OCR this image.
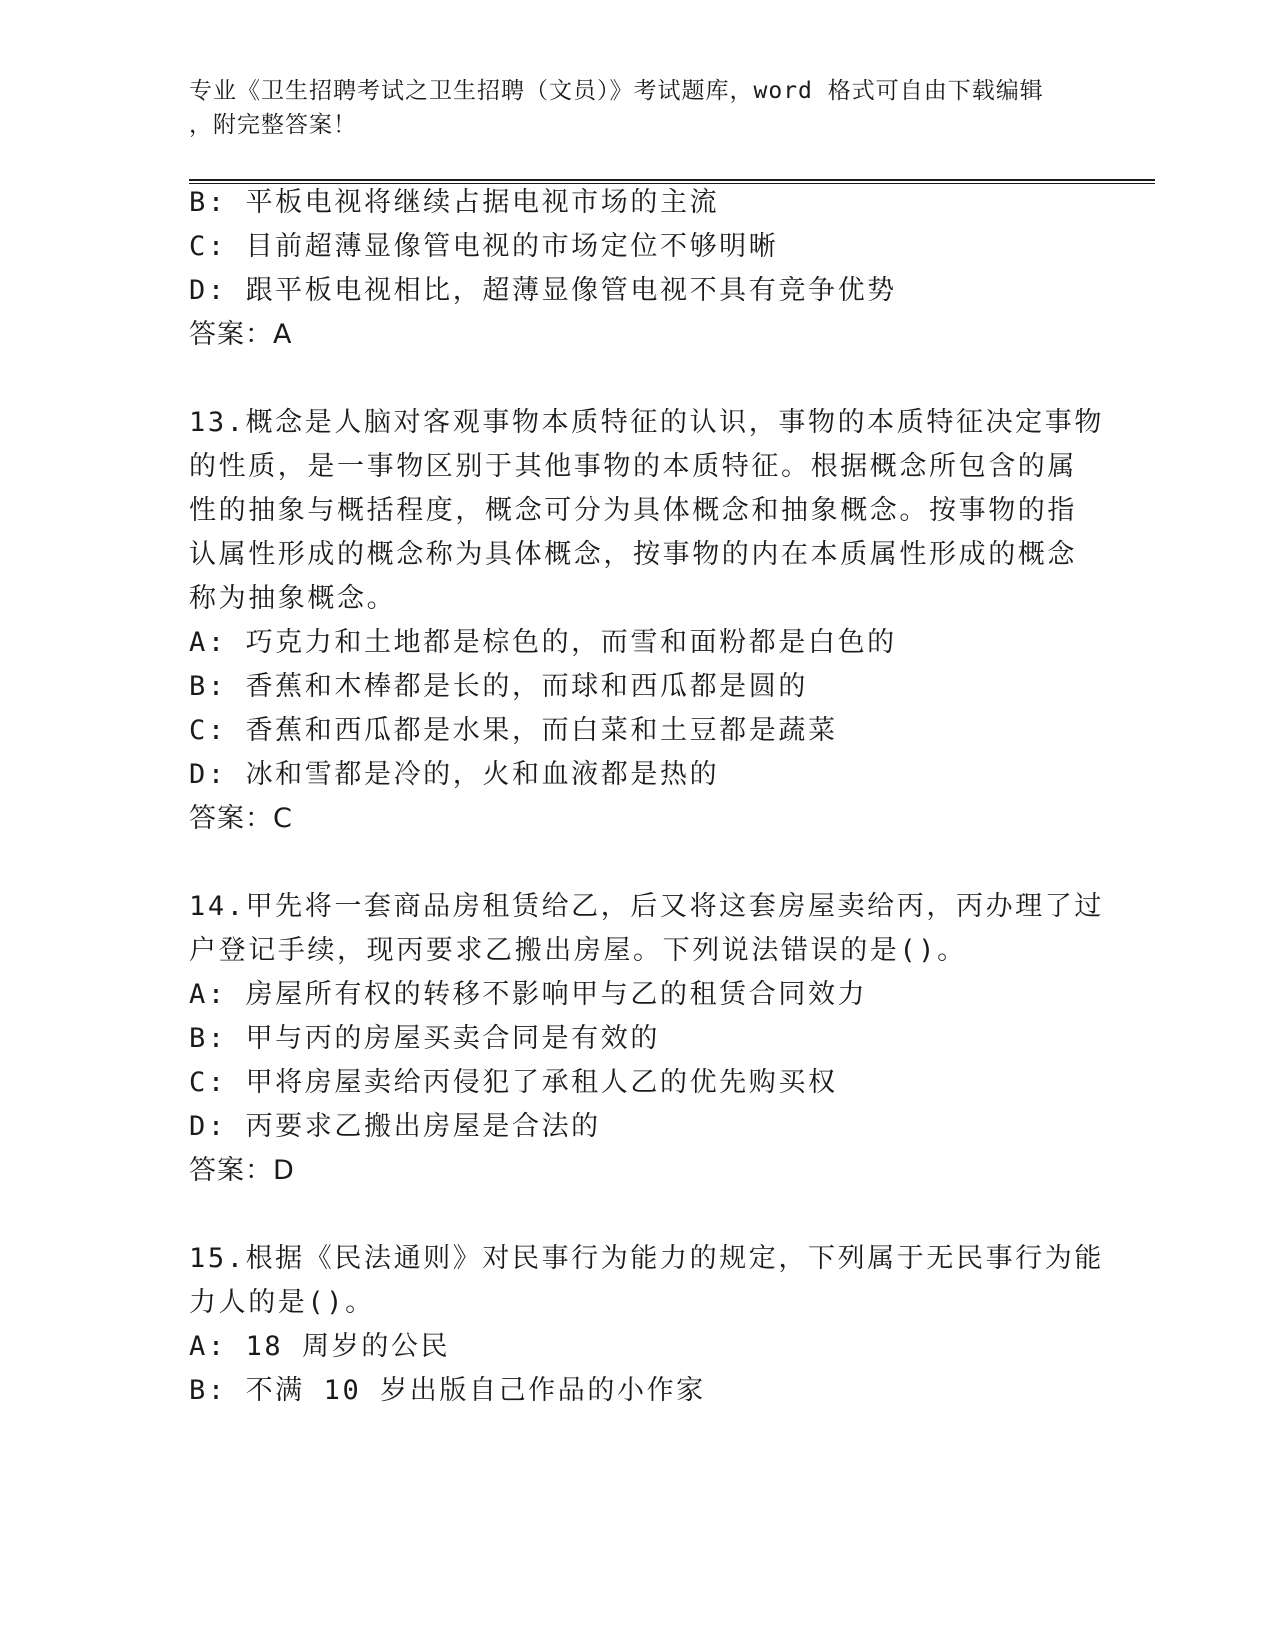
专业《卫生招聘考试之卫生招聘（文员）》考试题库，word 格式可自由下载编辑
，附完整答案！
B: 平板电视将继续占据电视市场的主流
C: 目前超薄显像管电视的市场定位不够明晰
D: 跟平板电视相比，超薄显像管电视不具有竞争优势
答案：A
13.概念是人脑对客观事物本质特征的认识，事物的本质特征决定事物
的性质，是一事物区别于其他事物的本质特征。根据概念所包含的属
性的抽象与概括程度，概念可分为具体概念和抽象概念。按事物的指
认属性形成的概念称为具体概念，按事物的内在本质属性形成的概念
称为抽象概念。
A: 巧克力和土地都是棕色的，而雪和面粉都是白色的
B: 香蕉和木棒都是长的，而球和西瓜都是圆的
C: 香蕉和西瓜都是水果，而白菜和土豆都是蔬菜
D: 冰和雪都是冷的，火和血液都是热的
答案：C
14.甲先将一套商品房租赁给乙，后又将这套房屋卖给丙，丙办理了过
户登记手续，现丙要求乙搬出房屋。下列说法错误的是()。
A: 房屋所有权的转移不影响甲与乙的租赁合同效力
B: 甲与丙的房屋买卖合同是有效的
C: 甲将房屋卖给丙侵犯了承租人乙的优先购买权
D: 丙要求乙搬出房屋是合法的
答案：D
15.根据《民法通则》对民事行为能力的规定，下列属于无民事行为能
力人的是()。
A: 18 周岁的公民
B: 不满 10 岁出版自己作品的小作家
